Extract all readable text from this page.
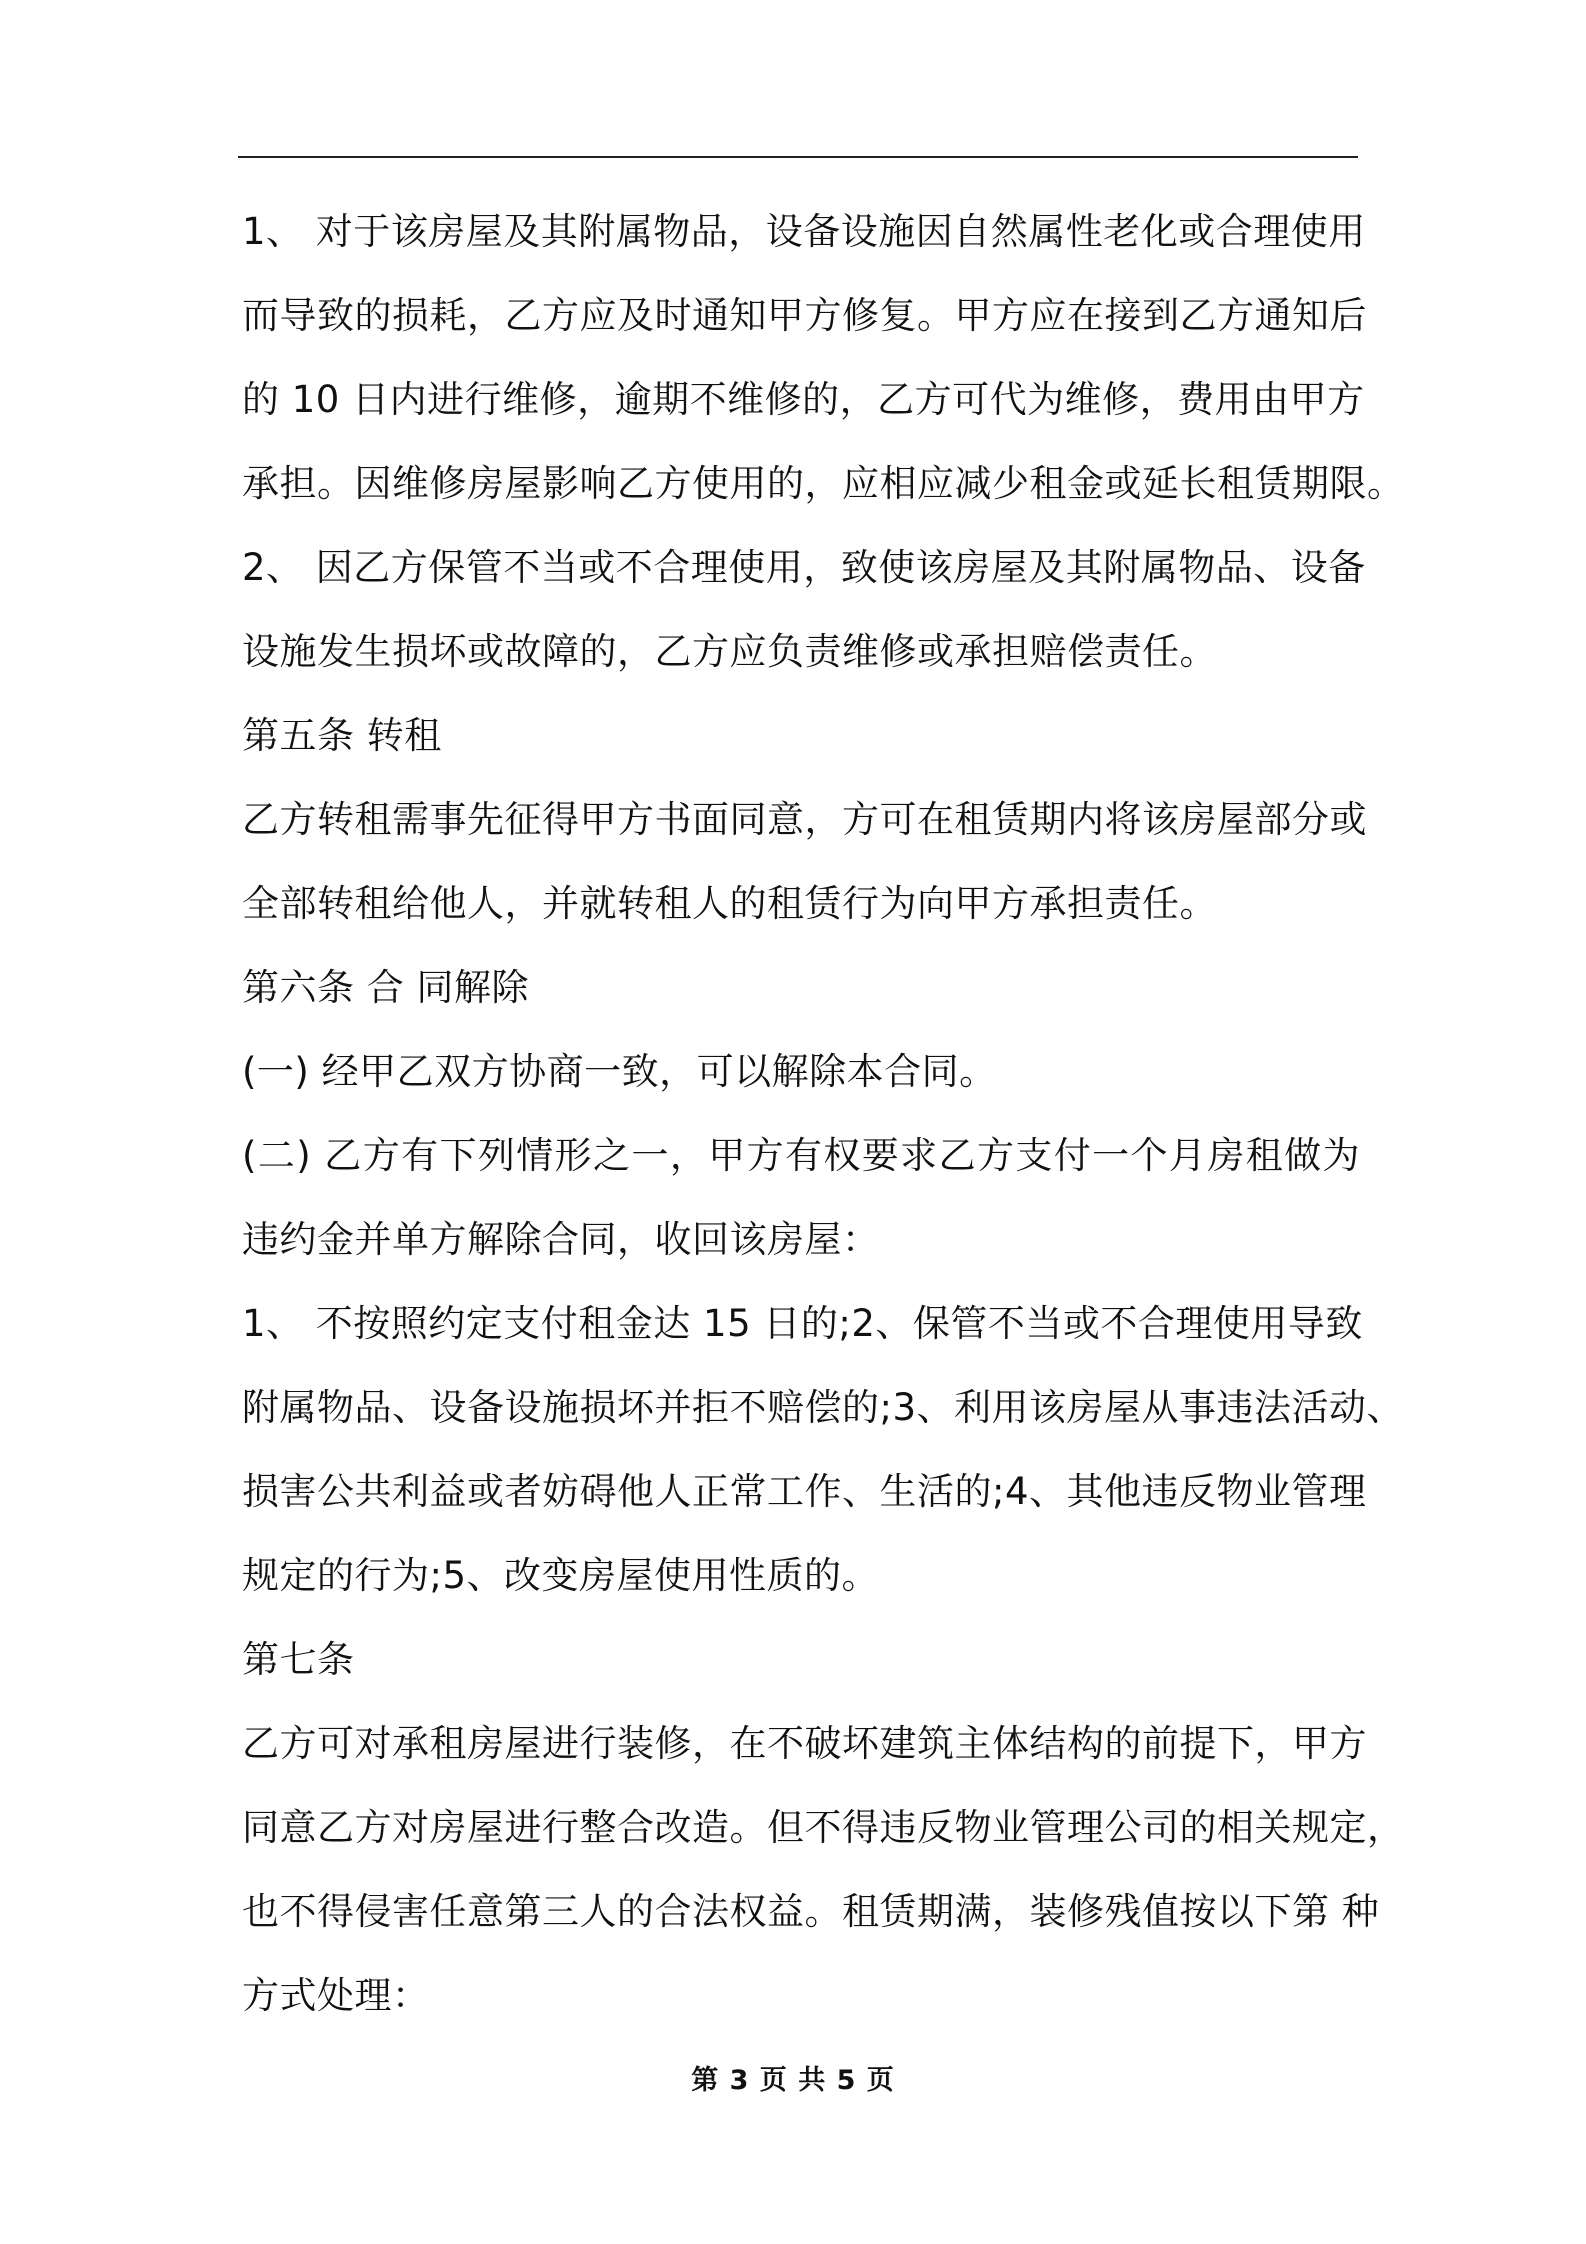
1、 对于该房屋及其附属物品，设备设施因自然属性老化或合理使用
而导致的损耗，乙方应及时通知甲方修复。甲方应在接到乙方通知后
的 10 日内进行维修，逾期不维修的，乙方可代为维修，费用由甲方
承担。因维修房屋影响乙方使用的，应相应减少租金或延长租赁期限。
2、 因乙方保管不当或不合理使用，致使该房屋及其附属物品、设备
设施发生损坏或故障的，乙方应负责维修或承担赔偿责任。
第五条 转租
乙方转租需事先征得甲方书面同意，方可在租赁期内将该房屋部分或
全部转租给他人，并就转租人的租赁行为向甲方承担责任。
第六条 合 同解除
(一) 经甲乙双方协商一致，可以解除本合同。
(二) 乙方有下列情形之一，甲方有权要求乙方支付一个月房租做为
违约金并单方解除合同，收回该房屋：
1、 不按照约定支付租金达 15 日的;2、保管不当或不合理使用导致
附属物品、设备设施损坏并拒不赔偿的;3、利用该房屋从事违法活动、
损害公共利益或者妨碍他人正常工作、生活的;4、其他违反物业管理
规定的行为;5、改变房屋使用性质的。
第七条
乙方可对承租房屋进行装修，在不破坏建筑主体结构的前提下，甲方
同意乙方对房屋进行整合改造。但不得违反物业管理公司的相关规定，
也不得侵害任意第三人的合法权益。租赁期满，装修残值按以下第 种
方式处理：
第 3 页 共 5 页
